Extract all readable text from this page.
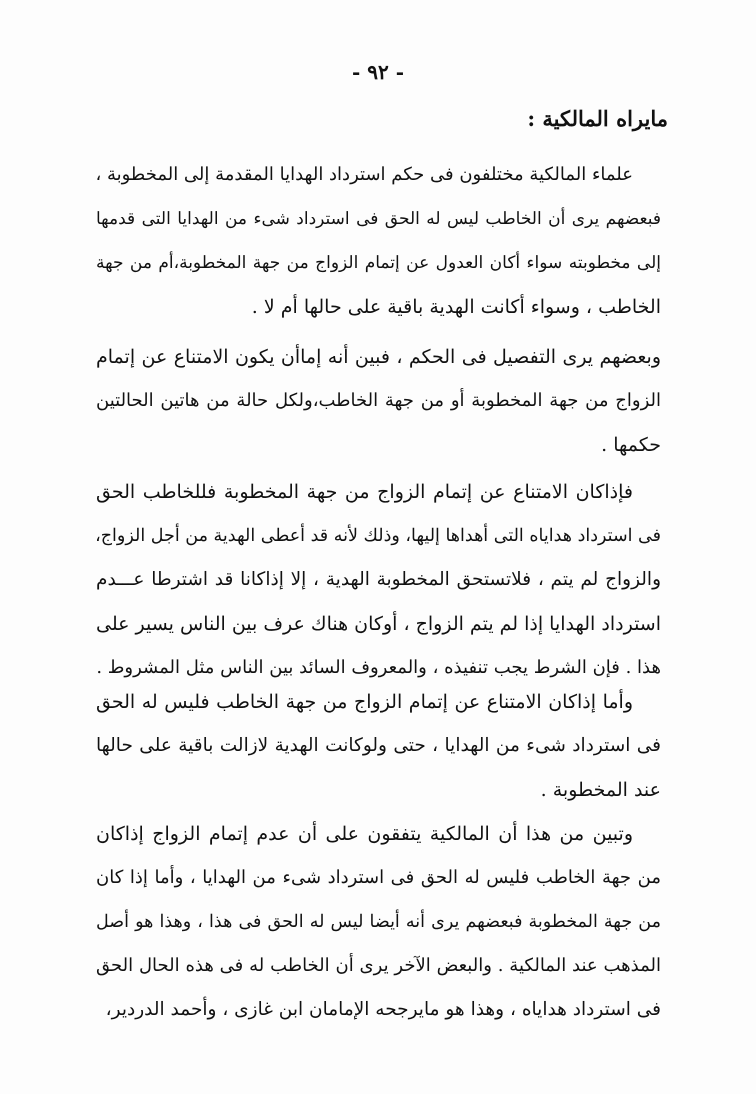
- ٩٢ -
مايراه المالكية :
علماء المالكية مختلفون فى حكم استرداد الهدايا المقدمة إلى المخطوبة ،
فبعضهم يرى أن الخاطب ليس له الحق فى استرداد شىء من الهدايا التى قدمها
إلى مخطوبته سواء أكان العدول عن إتمام الزواج من جهة المخطوبة،أم من جهة
الخاطب ، وسواء أكانت الهدية باقية على حالها أم لا .
وبعضهم يرى التفصيل فى الحكم ، فبين أنه إماأن يكون الامتناع عن إتمام
الزواج من جهة المخطوبة أو من جهة الخاطب،ولكل حالة من هاتين الحالتين
حكمها .
فإذاكان الامتناع عن إتمام الزواج من جهة المخطوبة فللخاطب الحق
فى استرداد هداياه التى أهداها إليها، وذلك لأنه قد أعطى الهدية من أجل الزواج،
والزواج لم يتم ، فلاتستحق المخطوبة الهدية ، إلا إذاكانا قد اشترطا عـــدم
استرداد الهدايا إذا لم يتم الزواج ، أوكان هناك عرف بين الناس يسير على
هذا . فإن الشرط يجب تنفيذه ، والمعروف السائد بين الناس مثل المشروط .
وأما إذاكان الامتناع عن إتمام الزواج من جهة الخاطب فليس له الحق
فى استرداد شىء من الهدايا ، حتى ولوكانت الهدية لازالت باقية على حالها
عند المخطوبة .
وتبين من هذا أن المالكية يتفقون على أن عدم إتمام الزواج إذاكان
من جهة الخاطب فليس له الحق فى استرداد شىء من الهدايا ، وأما إذا كان
من جهة المخطوبة فبعضهم يرى أنه أيضا ليس له الحق فى هذا ، وهذا هو أصل
المذهب عند المالكية . والبعض الآخر يرى أن الخاطب له فى هذه الحال الحق
فى استرداد هداياه ، وهذا هو مايرجحه الإمامان ابن غازى ، وأحمد الدردير،
